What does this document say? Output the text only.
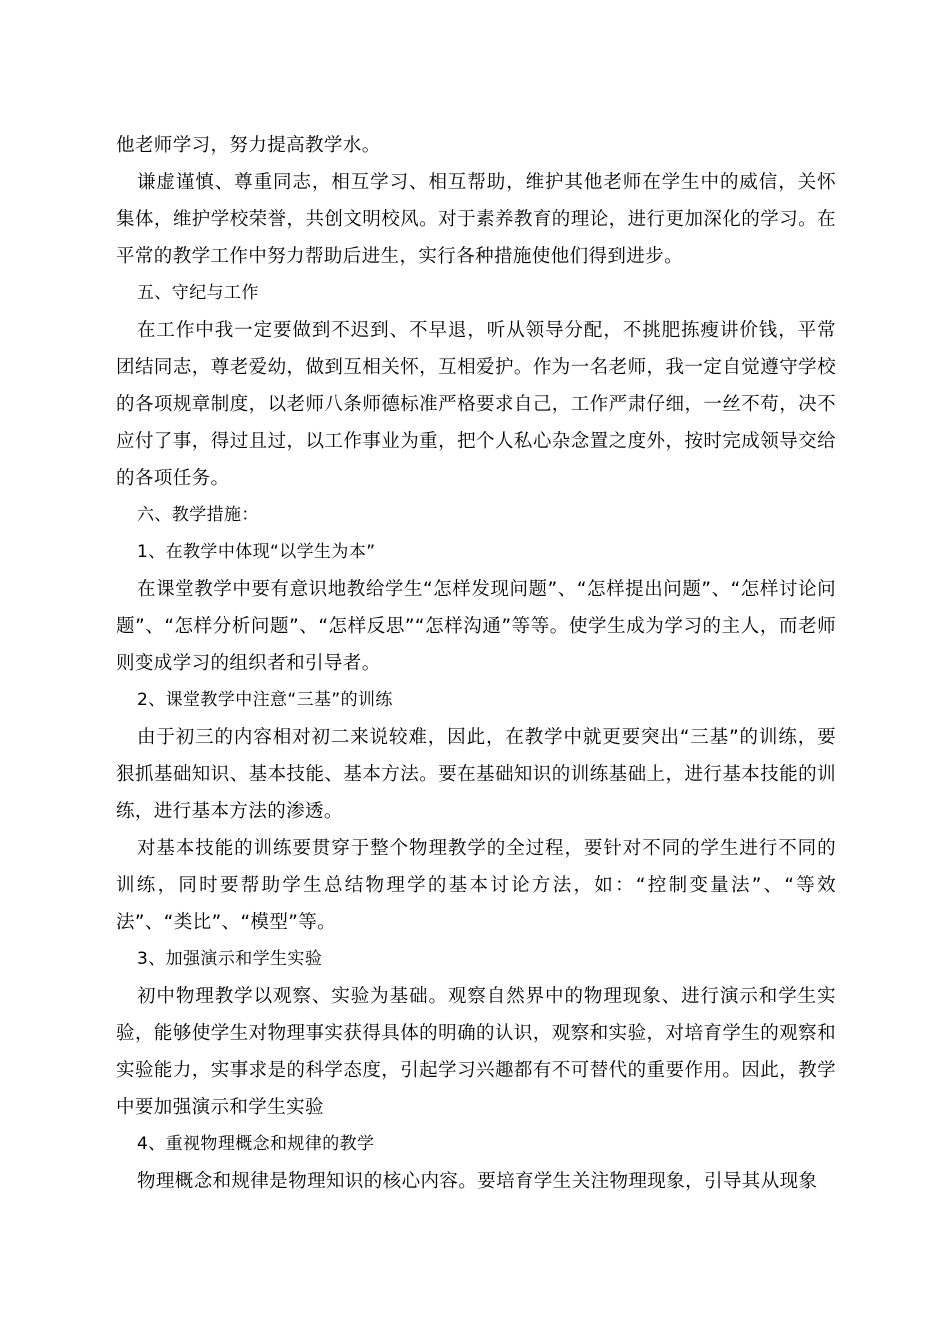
他老师学习，努力提高教学水。

谦虚谨慎、尊重同志，相互学习、相互帮助，维护其他老师在学生中的威信，关怀集体，维护学校荣誉，共创文明校风。对于素养教育的理论，进行更加深化的学习。在平常的教学工作中努力帮助后进生，实行各种措施使他们得到进步。

五、守纪与工作

在工作中我一定要做到不迟到、不早退，听从领导分配，不挑肥拣瘦讲价钱，平常团结同志，尊老爱幼，做到互相关怀，互相爱护。作为一名老师，我一定自觉遵守学校的各项规章制度，以老师八条师德标准严格要求自己，工作严肃仔细，一丝不苟，决不应付了事，得过且过，以工作事业为重，把个人私心杂念置之度外，按时完成领导交给的各项任务。

六、教学措施：

1、在教学中体现“以学生为本”

在课堂教学中要有意识地教给学生“怎样发现问题”、“怎样提出问题”、“怎样讨论问题”、“怎样分析问题”、“怎样反思”“怎样沟通”等等。使学生成为学习的主人，而老师则变成学习的组织者和引导者。

2、课堂教学中注意“三基”的训练

由于初三的内容相对初二来说较难，因此，在教学中就更要突出“三基”的训练，要狠抓基础知识、基本技能、基本方法。要在基础知识的训练基础上，进行基本技能的训练，进行基本方法的渗透。

对基本技能的训练要贯穿于整个物理教学的全过程，要针对不同的学生进行不同的训练，同时要帮助学生总结物理学的基本讨论方法，如：“控制变量法”、“等效法”、“类比”、“模型”等。

3、加强演示和学生实验

初中物理教学以观察、实验为基础。观察自然界中的物理现象、进行演示和学生实验，能够使学生对物理事实获得具体的明确的认识，观察和实验，对培育学生的观察和实验能力，实事求是的科学态度，引起学习兴趣都有不可替代的重要作用。因此，教学中要加强演示和学生实验

4、重视物理概念和规律的教学

物理概念和规律是物理知识的核心内容。要培育学生关注物理现象，引导其从现象
